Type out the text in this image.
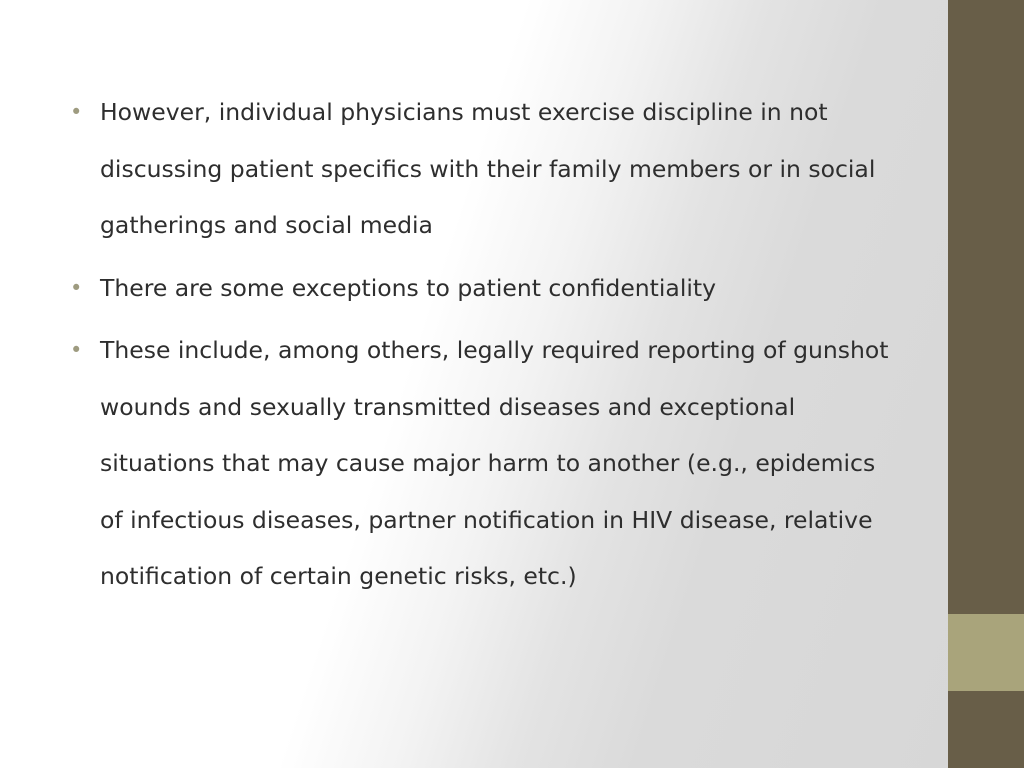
• However, individual physicians must exercise discipline in not discussing patient specifics with their family members or in social gatherings and social media
• There are some exceptions to patient confidentiality
• These include, among others, legally required reporting of gunshot wounds and sexually transmitted diseases and exceptional situations that may cause major harm to another (e.g., epidemics of infectious diseases, partner notification in HIV disease, relative notification of certain genetic risks, etc.)
